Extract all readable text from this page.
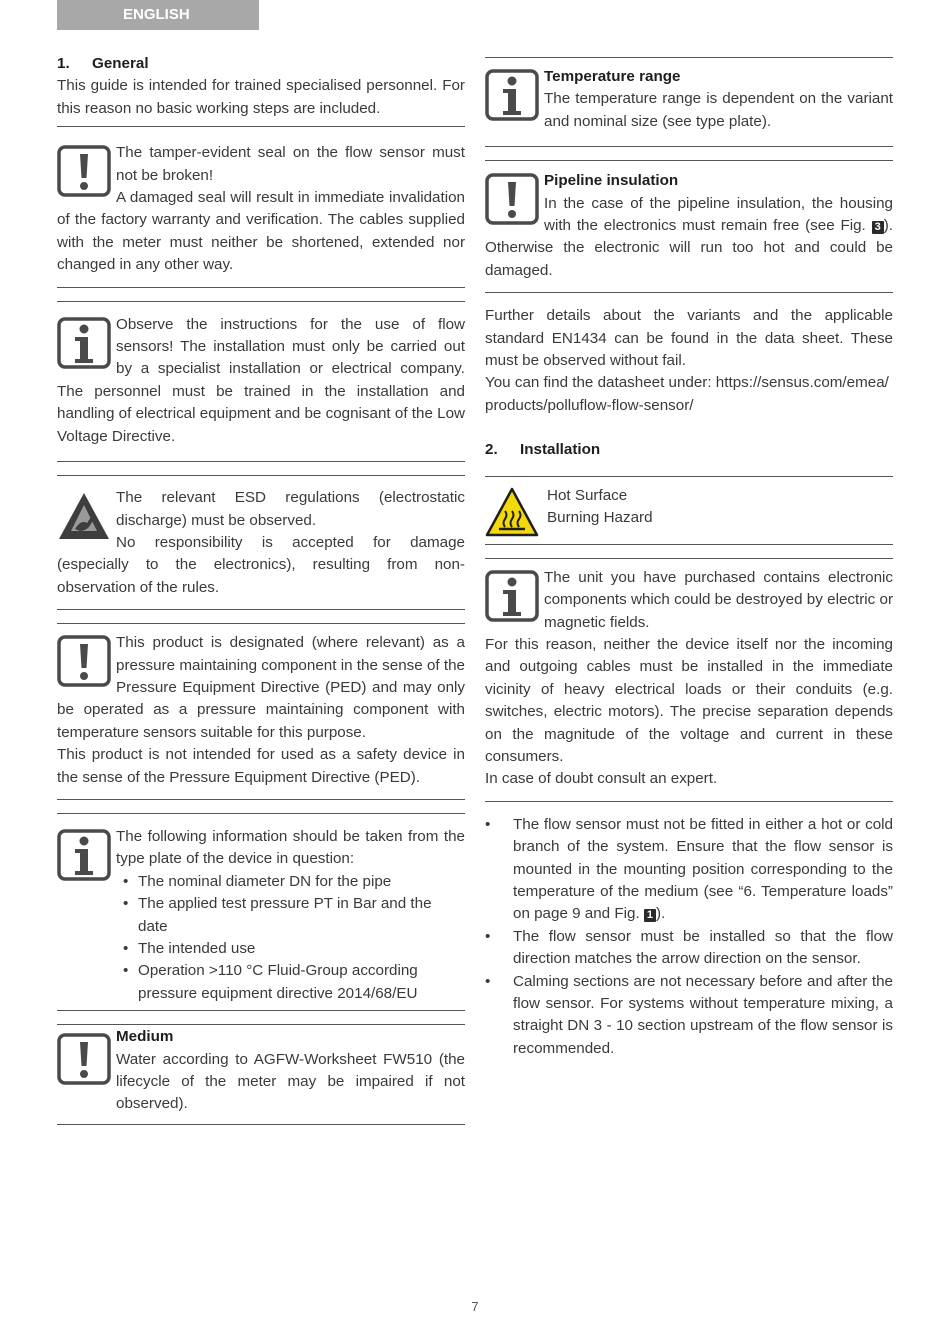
ENGLISH
1. General

This guide is intended for trained specialised personnel. For this reason no basic working steps are included.

The tamper-evident seal on the flow sensor must not be broken!

A damaged seal will result in immediate invalidation of the factory warranty and verification. The cables supplied with the meter must neither be shortened, extended nor changed in any other way.

Observe the instructions for the use of flow sensors! The installation must only be carried out by a specialist installation or electrical company. The personnel must be trained in the installation and handling of electrical equipment and be cognisant of the Low Voltage Directive.

The relevant ESD regulations (electrostatic discharge) must be observed.

No responsibility is accepted for damage (especially to the electronics), resulting from non-observation of the rules.

This product is designated (where relevant) as a pressure maintaining component in the sense of the Pressure Equipment Directive (PED) and may only be operated as a pressure maintaining component with temperature sensors suitable for this purpose.

This product is not intended for used as a safety device in the sense of the Pressure Equipment Directive (PED).

The following information should be taken from the type plate of the device in question:

• The nominal diameter DN for the pipe
• The applied test pressure PT in Bar and the date
• The intended use
• Operation >110 °C Fluid-Group according pressure equipment directive 2014/68/EU

Medium

Water according to AGFW-Worksheet FW510 (the lifecycle of the meter may be impaired if not observed).

Temperature range

The temperature range is dependent on the variant and nominal size (see type plate).

Pipeline insulation

In the case of the pipeline insulation, the housing with the electronics must remain free (see Fig. 3 ). Otherwise the electronic will run too hot and could be damaged.

Further details about the variants and the applicable standard EN1434 can be found in the data sheet. These must be observed without fail.

You can find the datasheet under: https://sensus.com/emea/products/polluflow-flow-sensor/

2. Installation

Hot Surface

Burning Hazard

The unit you have purchased contains electronic components which could be destroyed by electric or magnetic fields.

For this reason, neither the device itself nor the incoming and outgoing cables must be installed in the immediate vicinity of heavy electrical loads or their conduits (e.g. switches, electric motors). The precise separation depends on the magnitude of the voltage and current in these consumers.

In case of doubt consult an expert.

• The flow sensor must not be fitted in either a hot or cold branch of the system. Ensure that the flow sensor is mounted in the mounting position corresponding to the temperature of the medium (see “6. Temperature loads” on page 9 and Fig. 1 ).
• The flow sensor must be installed so that the flow direction matches the arrow direction on the sensor.
• Calming sections are not necessary before and after the flow sensor. For systems without temperature mixing, a straight DN 3 - 10 section upstream of the flow sensor is recommended.
7
